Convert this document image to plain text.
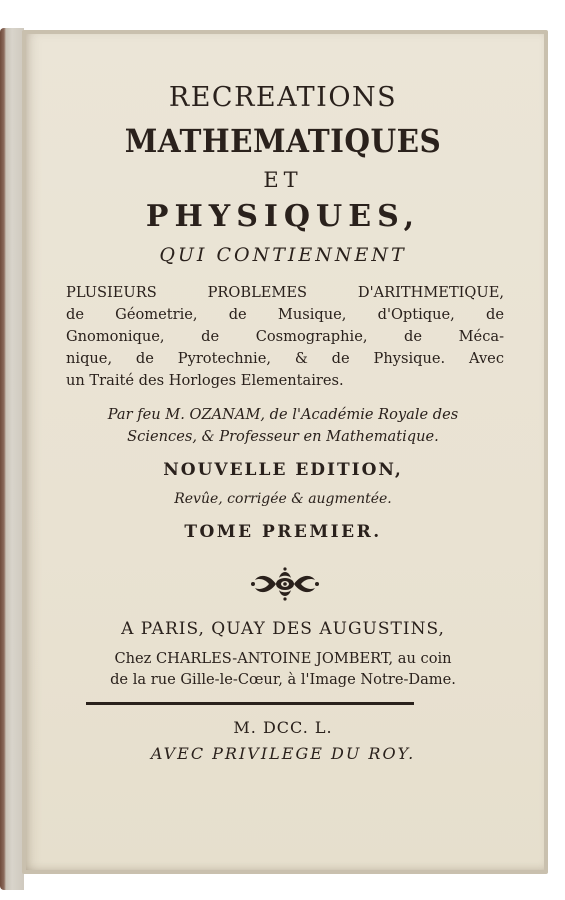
RECREATIONS
MATHEMATIQUES
ET
PHYSIQUES,
QUI CONTIENNENT
PLUSIEURS PROBLEMES D'ARITHMETIQUE,
de Géometrie, de Musique, d'Optique, de
Gnomonique, de Cosmographie, de Méca-
nique, de Pyrotechnie, & de Physique. Avec
un Traité des Horloges Elementaires.
Par feu M. OZANAM, de l'Académie Royale des
Sciences, & Professeur en Mathematique.
NOUVELLE EDITION,
Revûe, corrigée & augmentée.
TOME PREMIER.
A PARIS, QUAY DES AUGUSTINS,
Chez CHARLES-ANTOINE JOMBERT, au coin
de la rue Gille-le-Cœur, à l'Image Notre-Dame.
M. DCC. L.
AVEC PRIVILEGE DU ROY.
